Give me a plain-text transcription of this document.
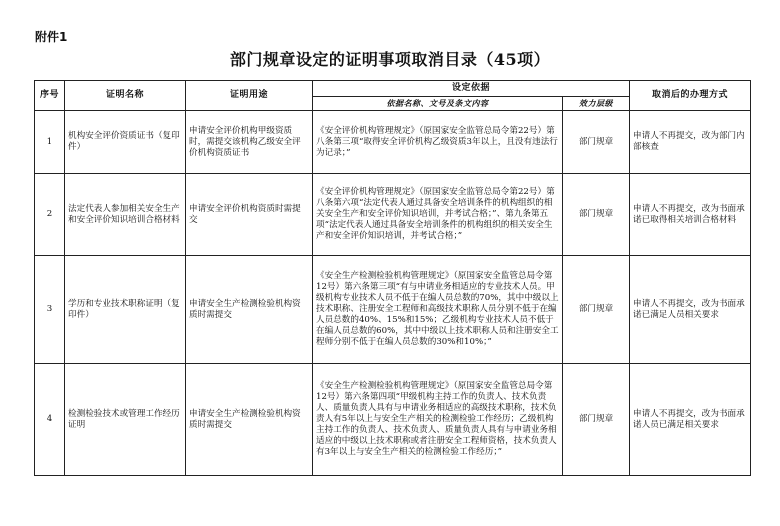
附件1
部门规章设定的证明事项取消目录（45项）
序号	证明名称	证明用途	设定依据		取消后的办理方式
			依据名称、文号及条文内容	效力层级	
1	机构安全评价资质证书（复印件）	申请安全评价机构甲级资质时，需提交该机构乙级安全评价机构资质证书	《安全评价机构管理规定》（原国家安全监管总局令第22号）第八条第三项“取得安全评价机构乙级资质3年以上，且没有违法行为记录；”	部门规章	申请人不再提交，改为部门内部核查
2	法定代表人参加相关安全生产和安全评价知识培训合格材料	申请安全评价机构资质时需提交	《安全评价机构管理规定》（原国家安全监管总局令第22号）第八条第六项“法定代表人通过具备安全培训条件的机构组织的相关安全生产和安全评价知识培训，并考试合格；”、第九条第五项“法定代表人通过具备安全培训条件的机构组织的相关安全生产和安全评价知识培训，并考试合格；”	部门规章	申请人不再提交，改为书面承诺已取得相关培训合格材料
3	学历和专业技术职称证明（复印件）	申请安全生产检测检验机构资质时需提交	《安全生产检测检验机构管理规定》（原国家安全监管总局令第12号）第六条第三项“有与申请业务相适应的专业技术人员。甲级机构专业技术人员不低于在编人员总数的70%，其中中级以上技术职称、注册安全工程师和高级技术职称人员分别不低于在编人员总数的40%、15%和15%；乙级机构专业技术人员不低于在编人员总数的60%，其中中级以上技术职称人员和注册安全工程师分别不低于在编人员总数的30%和10%；”	部门规章	申请人不再提交，改为书面承诺已满足人员相关要求
4	检测检验技术或管理工作经历证明	申请安全生产检测检验机构资质时需提交	《安全生产检测检验机构管理规定》（原国家安全监管总局令第12号）第六条第四项“甲级机构主持工作的负责人、技术负责人、质量负责人具有与申请业务相适应的高级技术职称，技术负责人有5年以上与安全生产相关的检测检验工作经历；乙级机构主持工作的负责人、技术负责人、质量负责人具有与申请业务相适应的中级以上技术职称或者注册安全工程师资格，技术负责人有3年以上与安全生产相关的检测检验工作经历；”	部门规章	申请人不再提交，改为书面承诺人员已满足相关要求
